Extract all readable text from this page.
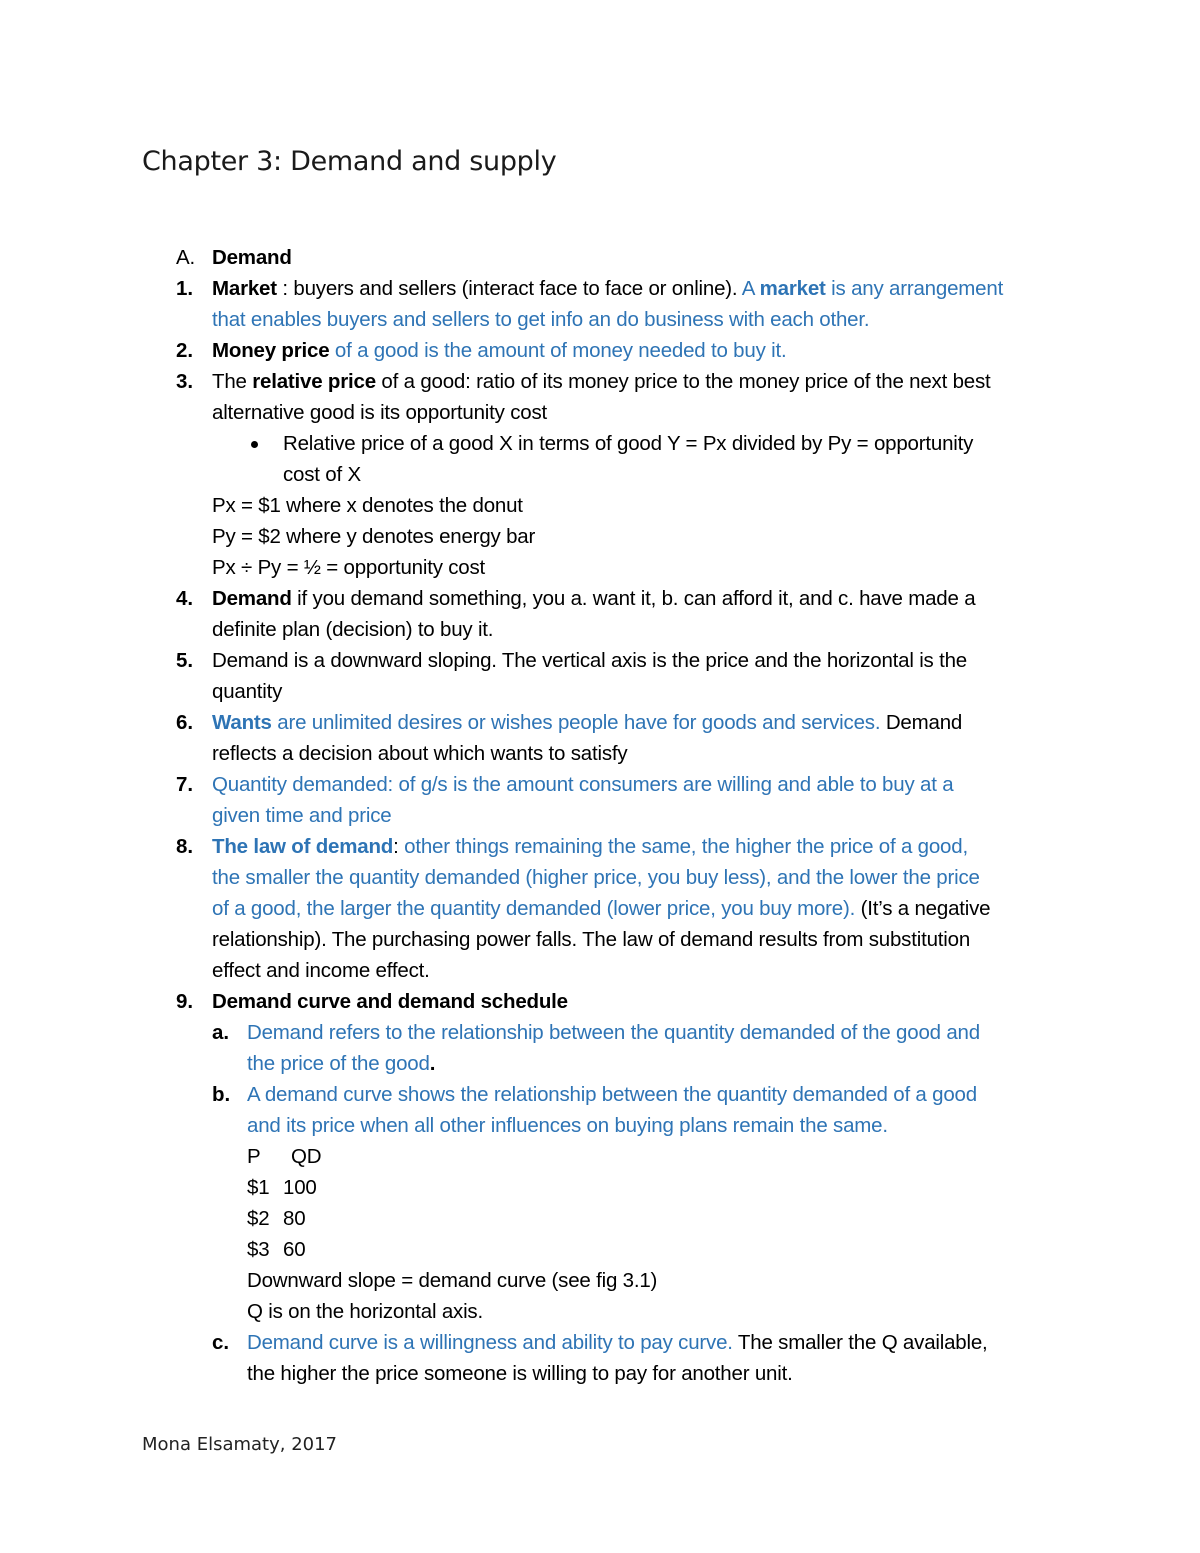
Chapter 3: Demand and supply
A. Demand
1. Market : buyers and sellers (interact face to face or online). A market is any arrangement
that enables buyers and sellers to get info an do business with each other.
2. Money price of a good is the amount of money needed to buy it.
3. The relative price of a good: ratio of its money price to the money price of the next best
alternative good is its opportunity cost
Relative price of a good X in terms of good Y = Px divided by Py = opportunity
cost of X
Px = $1 where x denotes the donut
Py = $2 where y denotes energy bar
Px ÷ Py = ½ = opportunity cost
4. Demand if you demand something, you a. want it, b. can afford it, and c. have made a
definite plan (decision) to buy it.
5. Demand is a downward sloping. The vertical axis is the price and the horizontal is the
quantity
6. Wants are unlimited desires or wishes people have for goods and services. Demand
reflects a decision about which wants to satisfy
7. Quantity demanded: of g/s is the amount consumers are willing and able to buy at a
given time and price
8. The law of demand: other things remaining the same, the higher the price of a good,
the smaller the quantity demanded (higher price, you buy less), and the lower the price
of a good, the larger the quantity demanded (lower price, you buy more). (It’s a negative
relationship). The purchasing power falls. The law of demand results from substitution
effect and income effect.
9. Demand curve and demand schedule
a. Demand refers to the relationship between the quantity demanded of the good and
the price of the good.
b. A demand curve shows the relationship between the quantity demanded of a good
and its price when all other influences on buying plans remain the same.
P QD
$1 100
$2 80
$3 60
Downward slope = demand curve (see fig 3.1)
Q is on the horizontal axis.
c. Demand curve is a willingness and ability to pay curve. The smaller the Q available,
the higher the price someone is willing to pay for another unit.
Mona Elsamaty, 2017
